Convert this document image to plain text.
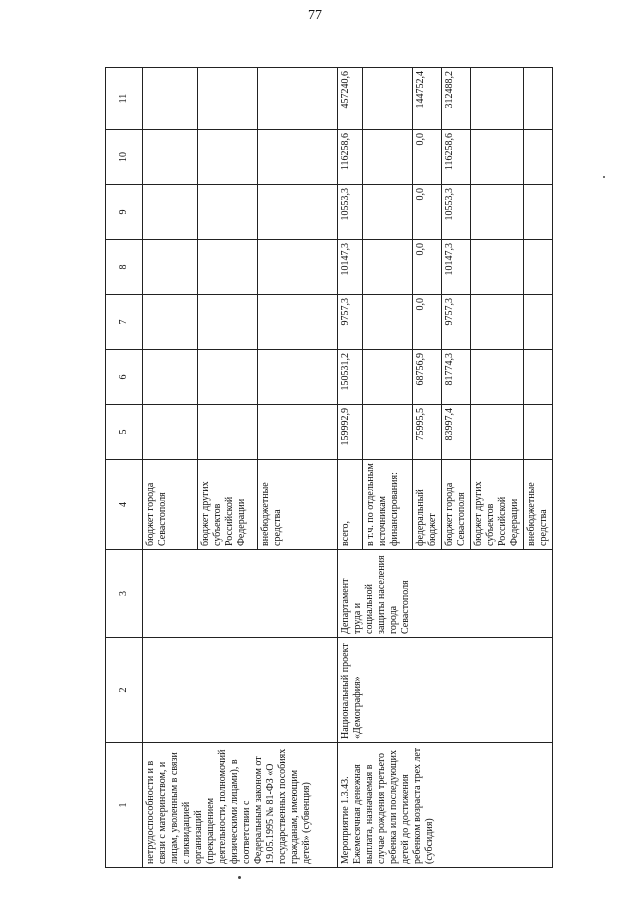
77
1	2	3	4	5	6	7	8	9	10	11
нетрудоспособности и в связи с материнством, и лицам, уволенным в связи с ликвидацией организаций (прекращением деятельности, полномочий физическими лицами), в соответствии с Федеральным законом от 19.05.1995 № 81-ФЗ «О государственных пособиях гражданам, имеющим детей» (субвенция)			бюджет города Севастополя							
			бюджет других субъектов Российской Федерации							
			внебюджетные средства							
Мероприятие 1.3.43. Ежемесячная денежная выплата, назначаемая в случае рождения третьего ребенка или последующих детей до достижения ребенком возраста трех лет (субсидия)	Национальный проект «Демография»	Департамент труда и социальной защиты населения города Севастополя	всего,	159992,9	150531,2	9757,3	10147,3	10553,3	116258,6	457240,6
			в т.ч. по отдельным источникам финансирования:							
			федеральный бюджет	75995,5	68756,9	0,0	0,0	0,0	0,0	144752,4
			бюджет города Севастополя	83997,4	81774,3	9757,3	10147,3	10553,3	116258,6	312488,2
			бюджет других субъектов Российской Федерации							
			внебюджетные средства							
